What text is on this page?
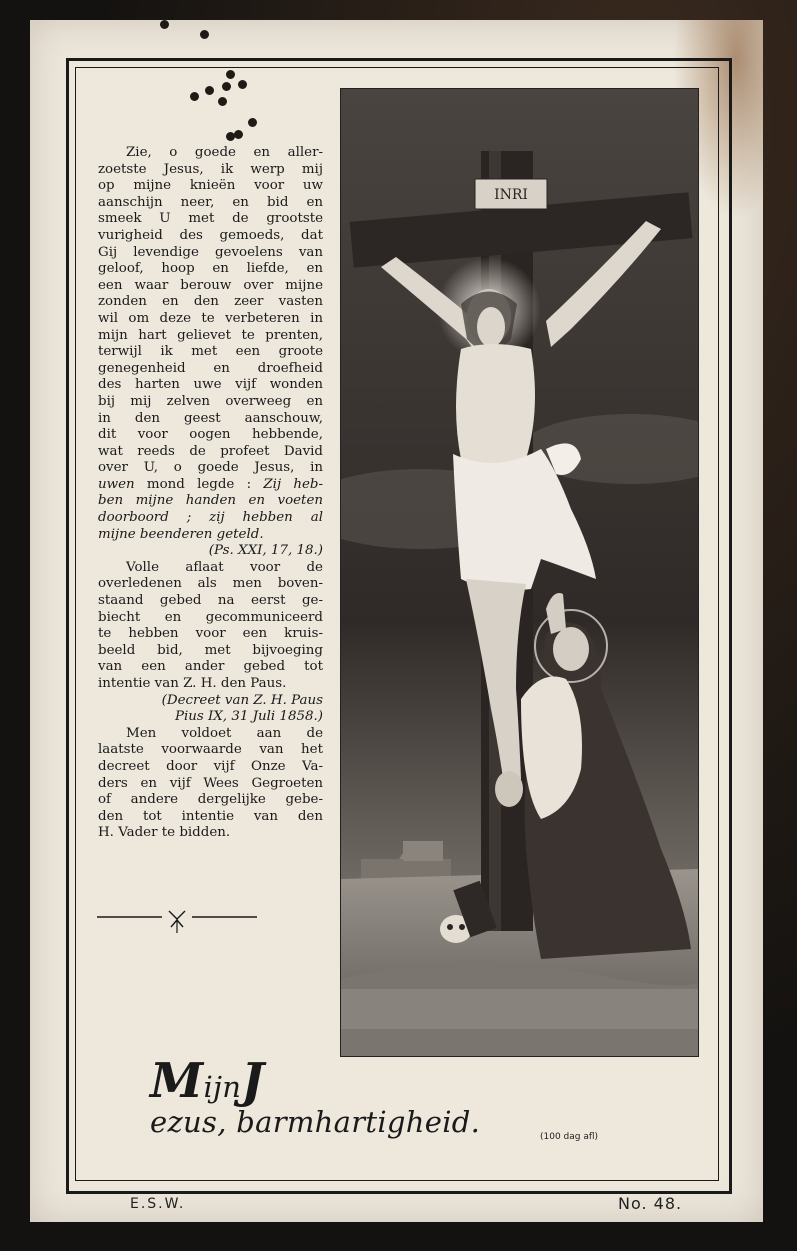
Zie, o goede en aller-
zoetste Jesus, ik werp mij
op mijne knieën voor uw
aanschijn neer, en bid en
smeek U met de grootste
vurigheid des gemoeds, dat
Gij levendige gevoelens van
geloof, hoop en liefde, en
een waar berouw over mijne
zonden en den zeer vasten
wil om deze te verbeteren in
mijn hart gelievet te prenten,
terwijl ik met een groote
genegenheid en droefheid
des harten uwe vijf wonden
bij mij zelven overweeg en
in den geest aanschouw,
dit voor oogen hebbende,
wat reeds de profeet David
over U, o goede Jesus, in

uwen mond legde : Zij heb-

ben mijne handen en voeten
doorboord ; zij hebben al
mijne beenderen geteld.

(Ps. XXI, 17, 18.)

Volle aflaat voor de
overledenen als men boven-
staand gebed na eerst ge-
biecht en gecommuniceerd
te hebben voor een kruis-
beeld bid, met bijvoeging
van een ander gebed tot
intentie van Z. H. den Paus.

(Decreet van Z. H. Paus
Pius IX, 31 Juli 1858.)

Men voldoet aan de
laatste voorwaarde van het
decreet door vijf Onze Va-
ders en vijf Wees Gegroeten
of andere dergelijke gebe-
den tot intentie van den
H. Vader te bidden.

INRI
MijnJezus, barmhartigheid.	(100 dag afl)
E.S.W.	No. 48.
